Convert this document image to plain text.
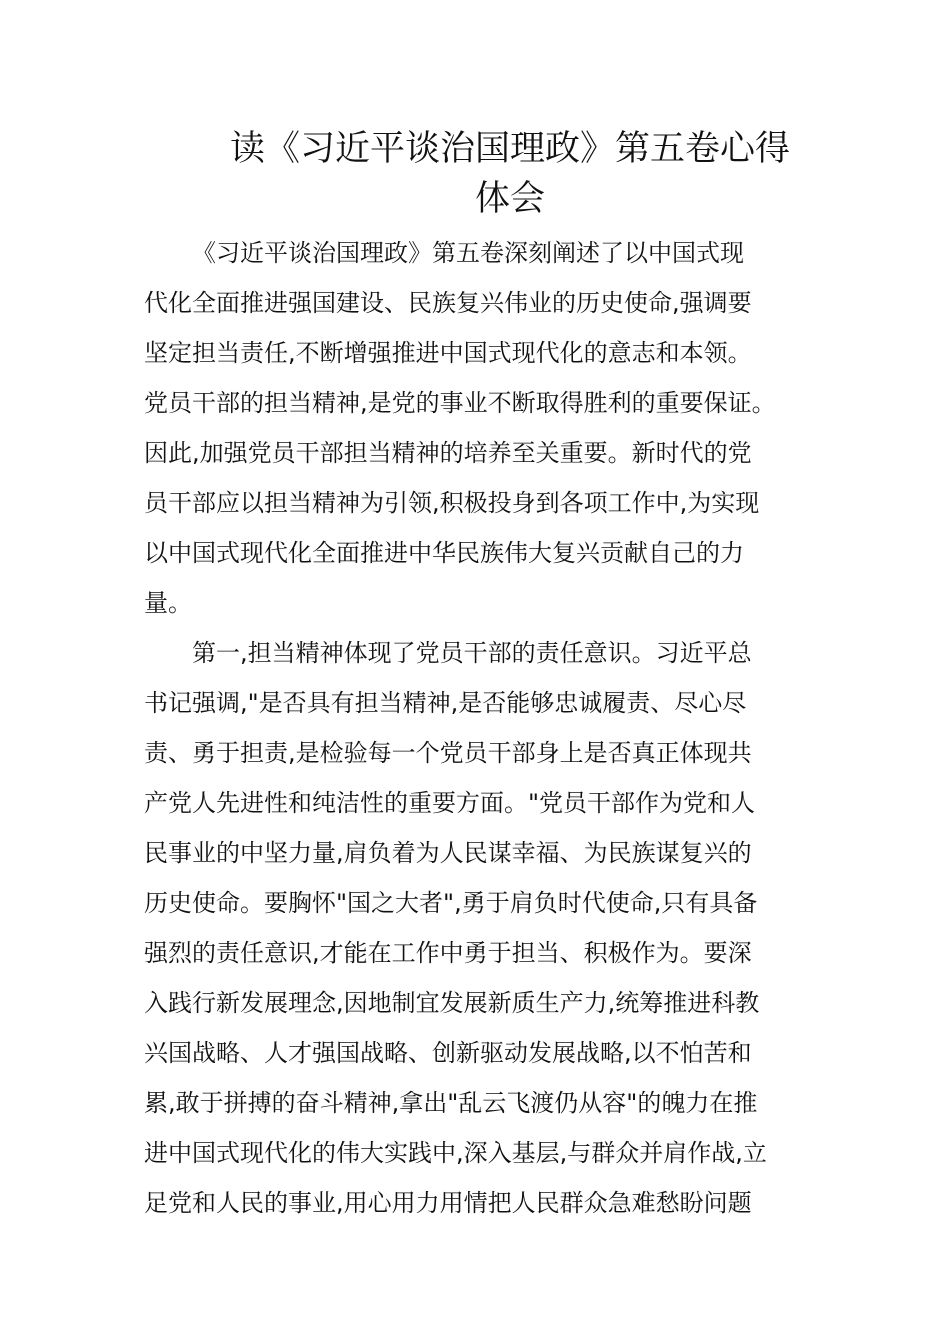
读《习近平谈治国理政》第五卷心得
体会
《习近平谈治国理政》第五卷深刻阐述了以中国式现
代化全面推进强国建设、民族复兴伟业的历史使命,强调要
坚定担当责任,不断增强推进中国式现代化的意志和本领。
党员干部的担当精神,是党的事业不断取得胜利的重要保证。
因此,加强党员干部担当精神的培养至关重要。新时代的党
员干部应以担当精神为引领,积极投身到各项工作中,为实现
以中国式现代化全面推进中华民族伟大复兴贡献自己的力
量。
第一,担当精神体现了党员干部的责任意识。习近平总
书记强调,"是否具有担当精神,是否能够忠诚履责、尽心尽
责、勇于担责,是检验每一个党员干部身上是否真正体现共
产党人先进性和纯洁性的重要方面。"党员干部作为党和人
民事业的中坚力量,肩负着为人民谋幸福、为民族谋复兴的
历史使命。要胸怀"国之大者",勇于肩负时代使命,只有具备
强烈的责任意识,才能在工作中勇于担当、积极作为。要深
入践行新发展理念,因地制宜发展新质生产力,统筹推进科教
兴国战略、人才强国战略、创新驱动发展战略,以不怕苦和
累,敢于拼搏的奋斗精神,拿出"乱云飞渡仍从容"的魄力在推
进中国式现代化的伟大实践中,深入基层,与群众并肩作战,立
足党和人民的事业,用心用力用情把人民群众急难愁盼问题
